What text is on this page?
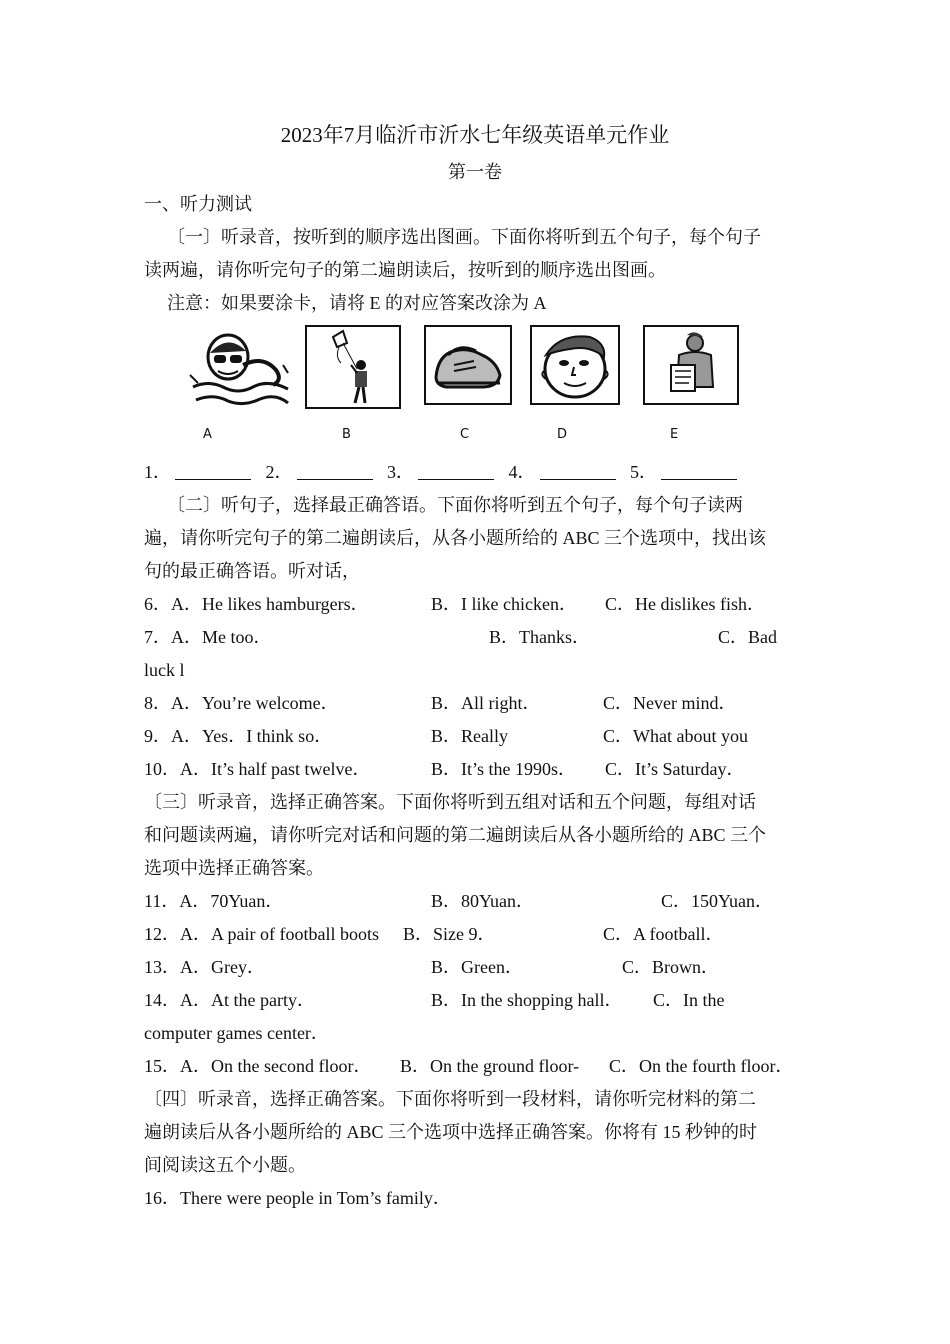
2023年7月临沂市沂水七年级英语单元作业
第一卷
一、听力测试
〔一〕听录音，按听到的顺序选出图画。下面你将听到五个句子，每个句子
读两遍，请你听完句子的第二遍朗读后，按听到的顺序选出图画。
注意：如果要涂卡，请将 E 的对应答案改涂为 A
A	B	C	D	E
1．	2．	3．	4．	5．
〔二〕听句子，选择最正确答语。下面你将听到五个句子，每个句子读两
遍，请你听完句子的第二遍朗读后，从各小题所给的 ABC 三个选项中，找出该
句的最正确答语。听对话，
6．A．He likes hamburgers．	B．I like chicken． C．He dislikes fish．
7．A．Me too．	B．Thanks．	C．Bad
luck l
8．A．You’re welcome．	B．All right．	C．Never mind．
9．A．Yes．I think so．	B．Really	C．What about you
10．A．It’s half past twelve．	B．It’s the 1990s． C．It’s Saturday．
〔三〕听录音，选择正确答案。下面你将听到五组对话和五个问题，每组对话
和问题读两遍，请你听完对话和问题的第二遍朗读后从各小题所给的 ABC 三个
选项中选择正确答案。
11．A．70Yuan．	B．80Yuan．	C．150Yuan．
12．A．A pair of football boots B．Size 9．	C．A football．
13．A．Grey．	B．Green．	C．Brown．
14．A．At the party．	B．In the shopping hall． C．In the
computer games center．
15．A．On the second floor． B．On the ground floor- C．On the fourth floor．
〔四〕听录音，选择正确答案。下面你将听到一段材料，请你听完材料的第二
遍朗读后从各小题所给的 ABC 三个选项中选择正确答案。你将有 15 秒钟的时
间阅读这五个小题。
16．There were people in Tom’s family．
